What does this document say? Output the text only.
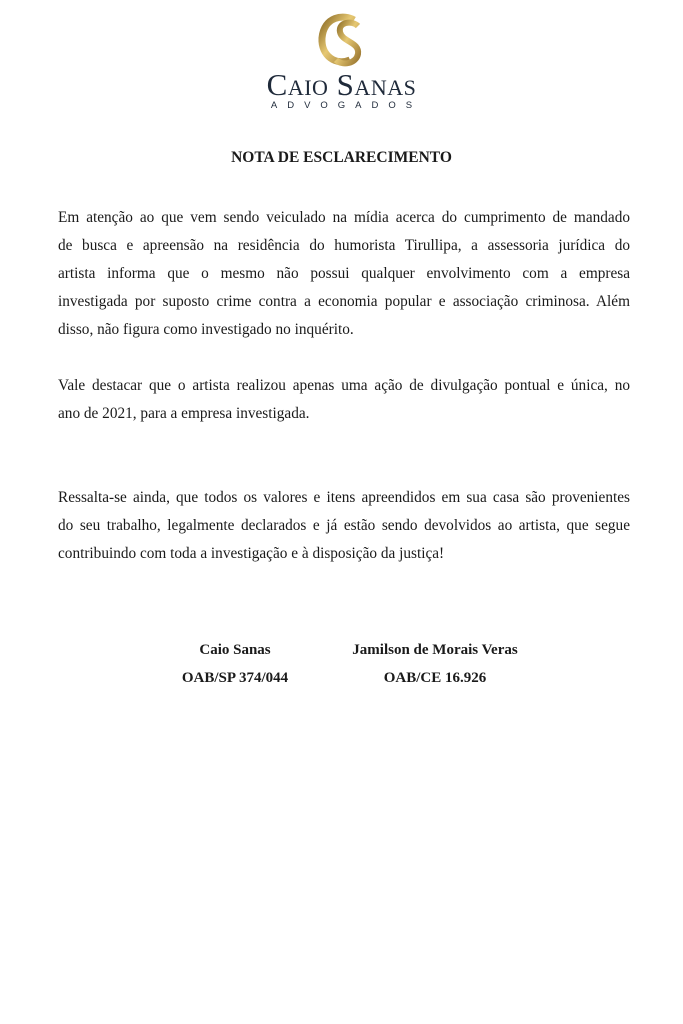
Caio Sanas
ADVOGADOS
NOTA DE ESCLARECIMENTO
Em atenção ao que vem sendo veiculado na mídia acerca do cumprimento de mandado
de busca e apreensão na residência do humorista Tirullipa, a assessoria jurídica do
artista informa que o mesmo não possui qualquer envolvimento com a empresa
investigada por suposto crime contra a economia popular e associação criminosa. Além
disso, não figura como investigado no inquérito.
Vale destacar que o artista realizou apenas uma ação de divulgação pontual e única, no
ano de 2021, para a empresa investigada.
Ressalta-se ainda, que todos os valores e itens apreendidos em sua casa são provenientes
do seu trabalho, legalmente declarados e já estão sendo devolvidos ao artista, que segue
contribuindo com toda a investigação e à disposição da justiça!
Caio Sanas
OAB/SP 374/044
Jamilson de Morais Veras
OAB/CE 16.926
